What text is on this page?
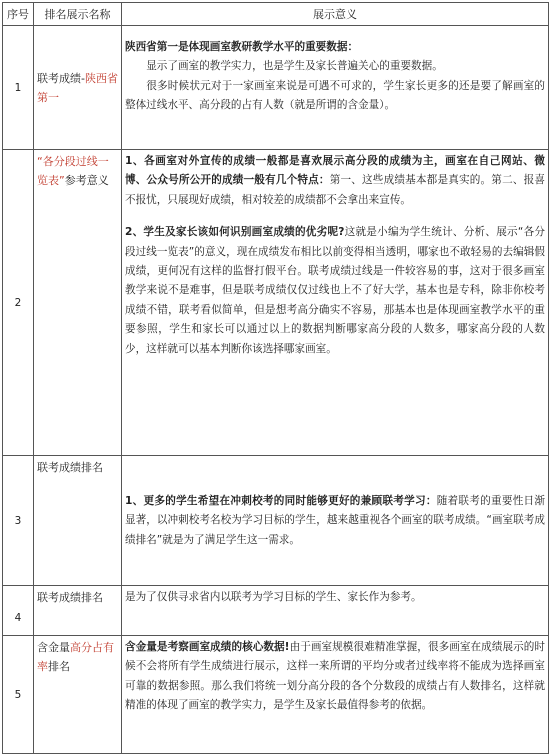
序号	排名展示名称	展示意义
1	联考成绩-陕西省第一	陕西省第一是体现画室教研教学水平的重要数据：

显示了画室的教学实力，也是学生及家长普遍关心的重要数据。

很多时候状元对于一家画室来说是可遇不可求的，学生家长更多的还是要了解画室的整体过线水平、高分段的占有人数（就是所谓的含金量）。

2	“各分段过线一览表”参考意义	1、各画室对外宣传的成绩一般都是喜欢展示高分段的成绩为主，画室在自己网站、微博、公众号所公开的成绩一般有几个特点：第一、这些成绩基本都是真实的。第二、报喜不报忧，只展现好成绩，相对较差的成绩都不会拿出来宣传。

2、学生及家长该如何识别画室成绩的优劣呢?这就是小编为学生统计、分析、展示“各分段过线一览表”的意义，现在成绩发布相比以前变得相当透明，哪家也不敢轻易的去编辑假成绩，更何况有这样的监督打假平台。联考成绩过线是一件较容易的事，这对于很多画室教学来说不是难事，但是联考成绩仅仅过线也上不了好大学，基本也是专科，除非你校考成绩不错，联考看似简单，但是想考高分确实不容易，那基本也是体现画室教学水平的重要参照，学生和家长可以通过以上的数据判断哪家高分段的人数多，哪家高分段的人数少，这样就可以基本判断你该选择哪家画室。

3	联考成绩排名	1、更多的学生希望在冲刺校考的同时能够更好的兼顾联考学习：随着联考的重要性日渐显著，以冲刺校考名校为学习目标的学生，越来越重视各个画室的联考成绩。“画室联考成绩排名”就是为了满足学生这一需求。

4	联考成绩排名	是为了仅供寻求省内以联考为学习目标的学生、家长作为参考。

5	含金量高分占有率排名	含金量是考察画室成绩的核心数据!由于画室规模很难精准掌握，很多画室在成绩展示的时候不会将所有学生成绩进行展示，这样一来所谓的平均分或者过线率将不能成为选择画室可靠的数据参照。那么我们将统一划分高分段的各个分数段的成绩占有人数排名，这样就精准的体现了画室的教学实力，是学生及家长最值得参考的依据。
